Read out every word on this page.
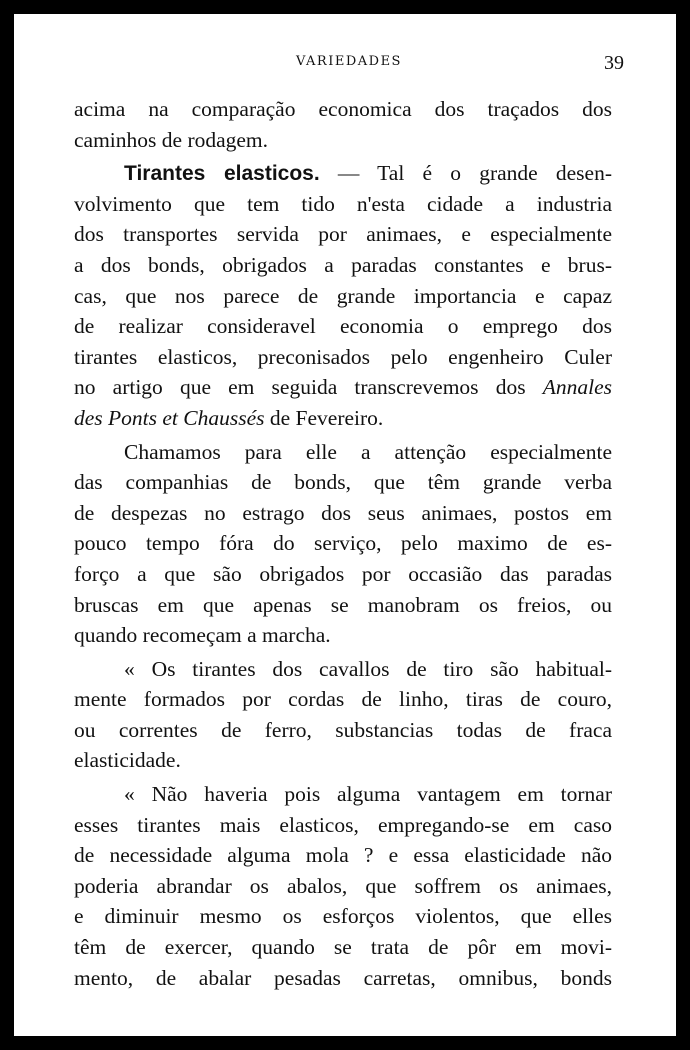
VARIEDADES	39
acima na comparação economica dos traçados dos
caminhos de rodagem.
Tirantes elasticos. — Tal é o grande desen-
volvimento que tem tido n'esta cidade a industria
dos transportes servida por animaes, e especialmente
a dos bonds, obrigados a paradas constantes e brus-
cas, que nos parece de grande importancia e capaz
de realizar consideravel economia o emprego dos
tirantes elasticos, preconisados pelo engenheiro Culer
no artigo que em seguida transcrevemos dos Annales
des Ponts et Chaussés de Fevereiro.
Chamamos para elle a attenção especialmente
das companhias de bonds, que têm grande verba
de despezas no estrago dos seus animaes, postos em
pouco tempo fóra do serviço, pelo maximo de es-
forço a que são obrigados por occasião das paradas
bruscas em que apenas se manobram os freios, ou
quando recomeçam a marcha.
« Os tirantes dos cavallos de tiro são habitual-
mente formados por cordas de linho, tiras de couro,
ou correntes de ferro, substancias todas de fraca
elasticidade.
« Não haveria pois alguma vantagem em tornar
esses tirantes mais elasticos, empregando-se em caso
de necessidade alguma mola ? e essa elasticidade não
poderia abrandar os abalos, que soffrem os animaes,
e diminuir mesmo os esforços violentos, que elles
têm de exercer, quando se trata de pôr em movi-
mento, de abalar pesadas carretas, omnibus, bonds
